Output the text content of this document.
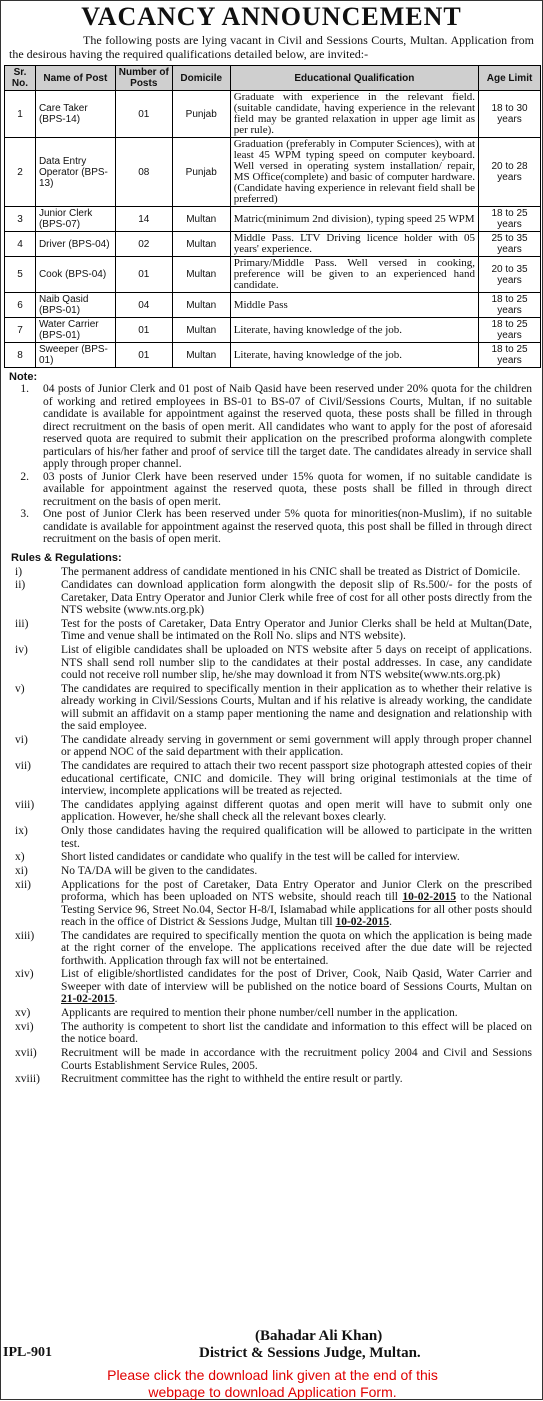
VACANCY ANNOUNCEMENT

The following posts are lying vacant in Civil and Sessions Courts, Multan. Application from the desirous having the required qualifications detailed below, are invited:-

Sr. No.	Name of Post	Number of Posts	Domicile	Educational Qualification	Age Limit
1	Care Taker (BPS-14)	01	Punjab	Graduate with experience in the relevant field. (suitable candidate, having experience in the relevant field may be granted relaxation in upper age limit as per rule).	18 to 30 years
2	Data Entry Operator (BPS-13)	08	Punjab	Graduation (preferably in Computer Sciences), with at least 45 WPM typing speed on computer keyboard. Well versed in operating system installation/ repair, MS Office(complete) and basic of computer hardware. (Candidate having experience in relevant field shall be preferred)	20 to 28 years
3	Junior Clerk (BPS-07)	14	Multan	Matric(minimum 2nd division), typing speed 25 WPM	18 to 25 years
4	Driver (BPS-04)	02	Multan	Middle Pass. LTV Driving licence holder with 05 years' experience.	25 to 35 years
5	Cook (BPS-04)	01	Multan	Primary/Middle Pass. Well versed in cooking, preference will be given to an experienced hand candidate.	20 to 35 years
6	Naib Qasid (BPS-01)	04	Multan	Middle Pass	18 to 25 years
7	Water Carrier (BPS-01)	01	Multan	Literate, having knowledge of the job.	18 to 25 years
8	Sweeper (BPS-01)	01	Multan	Literate, having knowledge of the job.	18 to 25 years
Note:
1.	04 posts of Junior Clerk and 01 post of Naib Qasid have been reserved under 20% quota for the children of working and retired employees in BS-01 to BS-07 of Civil/Sessions Courts, Multan, if no suitable candidate is available for appointment against the reserved quota, these posts shall be filled in through direct recruitment on the basis of open merit. All candidates who want to apply for the post of aforesaid reserved quota are required to submit their application on the prescribed proforma alongwith complete particulars of his/her father and proof of service till the target date. The candidates already in service shall apply through proper channel.
2.	03 posts of Junior Clerk have been reserved under 15% quota for women, if no suitable candidate is available for appointment against the reserved quota, these posts shall be filled in through direct recruitment on the basis of open merit.
3.	One post of Junior Clerk has been reserved under 5% quota for minorities(non-Muslim), if no suitable candidate is available for appointment against the reserved quota, this post shall be filled in through direct recruitment on the basis of open merit.
Rules & Regulations:
i)	The permanent address of candidate mentioned in his CNIC shall be treated as District of Domicile.
ii)	Candidates can download application form alongwith the deposit slip of Rs.500/- for the posts of Caretaker, Data Entry Operator and Junior Clerk while free of cost for all other posts directly from the NTS website (www.nts.org.pk)
iii)	Test for the posts of Caretaker, Data Entry Operator and Junior Clerks shall be held at Multan(Date, Time and venue shall be intimated on the Roll No. slips and NTS website).
iv)	List of eligible candidates shall be uploaded on NTS website after 5 days on receipt of applications. NTS shall send roll number slip to the candidates at their postal addresses. In case, any candidate could not receive roll number slip, he/she may download it from NTS website(www.nts.org.pk)
v)	The candidates are required to specifically mention in their application as to whether their relative is already working in Civil/Sessions Courts, Multan and if his relative is already working, the candidate will submit an affidavit on a stamp paper mentioning the name and designation and relationship with the said employee.
vi)	The candidate already serving in government or semi government will apply through proper channel or append NOC of the said department with their application.
vii)	The candidates are required to attach their two recent passport size photograph attested copies of their educational certificate, CNIC and domicile. They will bring original testimonials at the time of interview, incomplete applications will be treated as rejected.
viii)	The candidates applying against different quotas and open merit will have to submit only one application. However, he/she shall check all the relevant boxes clearly.
ix)	Only those candidates having the required qualification will be allowed to participate in the written test.
x)	Short listed candidates or candidate who qualify in the test will be called for interview.
xi)	No TA/DA will be given to the candidates.
xii)	Applications for the post of Caretaker, Data Entry Operator and Junior Clerk on the prescribed proforma, which has been uploaded on NTS website, should reach till 10-02-2015 to the National Testing Service 96, Street No.04, Sector H-8/I, Islamabad while applications for all other posts should reach in the office of District & Sessions Judge, Multan till 10-02-2015.
xiii)	The candidates are required to specifically mention the quota on which the application is being made at the right corner of the envelope. The applications received after the due date will be rejected forthwith. Application through fax will not be entertained.
xiv)	List of eligible/shortlisted candidates for the post of Driver, Cook, Naib Qasid, Water Carrier and Sweeper with date of interview will be published on the notice board of Sessions Courts, Multan on 21-02-2015.
xv)	Applicants are required to mention their phone number/cell number in the application.
xvi)	The authority is competent to short list the candidate and information to this effect will be placed on the notice board.
xvii)	Recruitment will be made in accordance with the recruitment policy 2004 and Civil and Sessions Courts Establishment Service Rules, 2005.
xviii)	Recruitment committee has the right to withheld the entire result or partly.
(Bahadar Ali Khan)
IPL-901	District & Sessions Judge, Multan.
Please click the download link given at the end of this
webpage to download Application Form.
